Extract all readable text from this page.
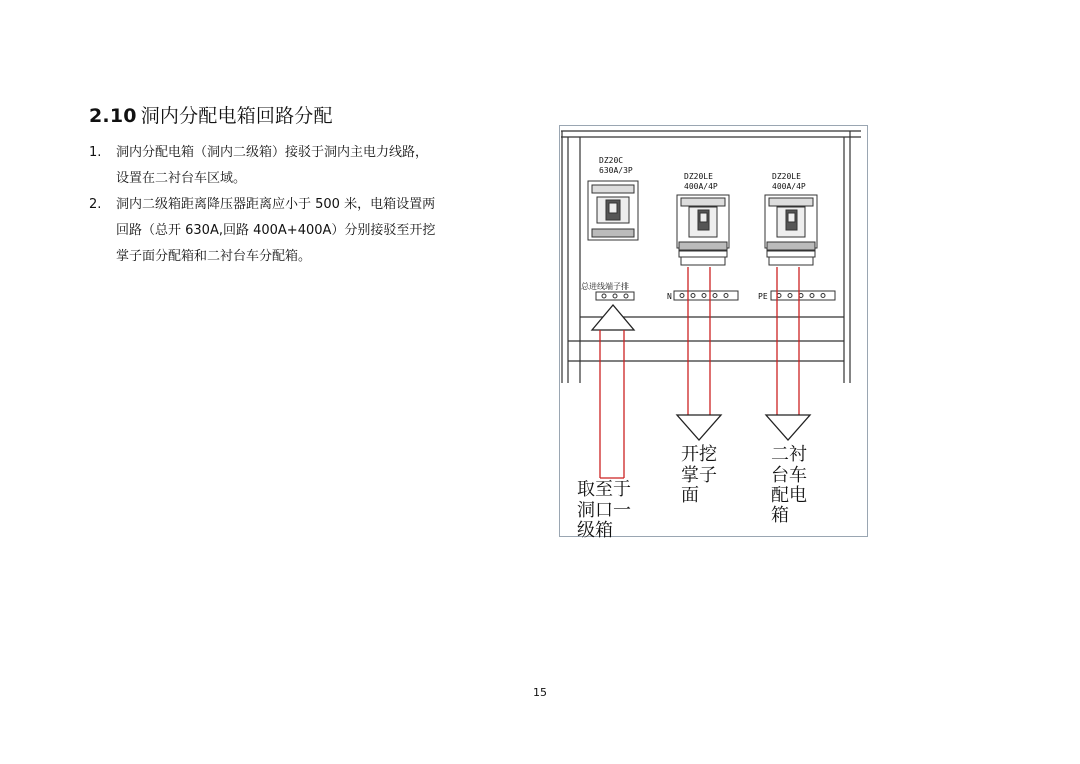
2.10 洞内分配电箱回路分配
1. 洞内分配电箱（洞内二级箱）接驳于洞内主电力线路，
设置在二衬台车区域。
2. 洞内二级箱距离降压器距离应小于 500 米，电箱设置两
回路（总开 630A,回路 400A+400A）分别接驳至开挖
掌子面分配箱和二衬台车分配箱。
DZ20C
630A/3P
DZ20LE
400A/4P
DZ20LE
400A/4P
总进线端子排
N	PE
取至于
洞口一
级箱
开挖
掌子
面
二衬
台车
配电
箱
15
